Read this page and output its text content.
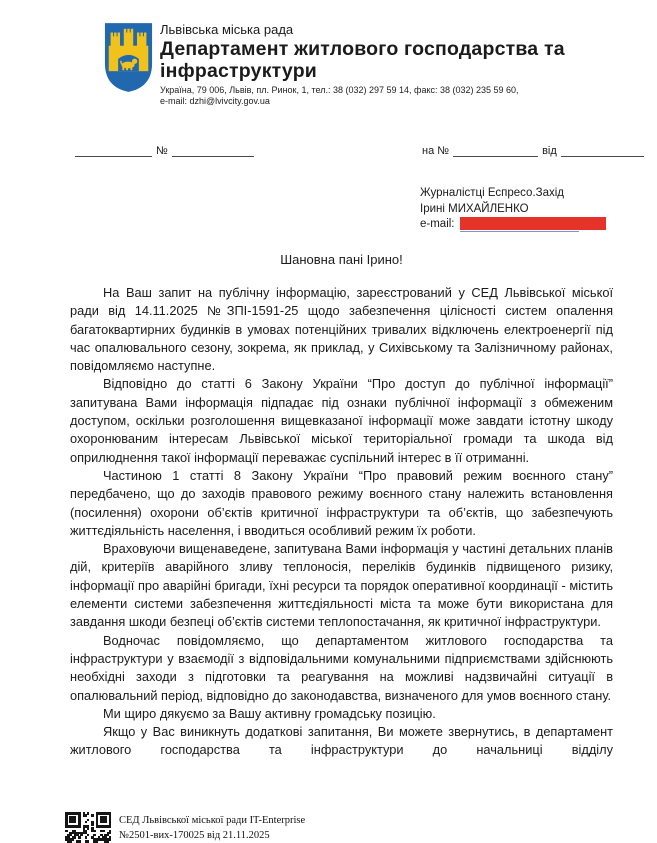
Львівська міська рада
Департамент житлового господарства та
інфраструктури
Україна, 79 006, Львів, пл. Ринок, 1, тел.: 38 (032) 297 59 14, факс: 38 (032) 235 59 60,
e-mail: dzhi@lvivcity.gov.ua
№	на №	від
Журналістці Еспресо.Захід
Ірині МИХАЙЛЕНКО
e-mail:
Шановна пані Ірино!

На Ваш запит на публічну інформацію, зареєстрований у СЕД Львівської міської ради від 14.11.2025 №ЗПІ-1591-25 щодо забезпечення цілісності систем опалення багатоквартирних будинків в умовах потенційних тривалих відключень електроенергії під час опалювального сезону, зокрема, як приклад, у Сихівському та Залізничному районах, повідомляємо наступне.

Відповідно до статті 6 Закону України “Про доступ до публічної інформації” запитувана Вами інформація підпадає під ознаки публічної інформації з обмеженим доступом, оскільки розголошення вищевказаної інформації може завдати істотну шкоду охоронюваним інтересам Львівської міської територіальної громади та шкода від оприлюднення такої інформації переважає суспільний інтерес в її отриманні.

Частиною 1 статті 8 Закону України “Про правовий режим воєнного стану” передбачено, що до заходів правового режиму воєнного стану належить встановлення (посилення) охорони об’єктів критичної інфраструктури та об’єктів, що забезпечують життєдіяльність населення, і вводиться особливий режим їх роботи.

Враховуючи вищенаведене, запитувана Вами інформація у частині детальних планів дій, критеріїв аварійного зливу теплоносія, переліків будинків підвищеного ризику, інформації про аварійні бригади, їхні ресурси та порядок оперативної координації - містить елементи системи забезпечення життєдіяльності міста та може бути використана для завдання шкоди безпеці об’єктів системи теплопостачання, як критичної інфраструктури.

Водночас повідомляємо, що департаментом житлового господарства та інфраструктури у взаємодії з відповідальними комунальними підприємствами здійснюють необхідні заходи з підготовки та реагування на можливі надзвичайні ситуації в опалювальний період, відповідно до законодавства, визначеного для умов воєнного стану.

Ми щиро дякуємо за Вашу активну громадську позицію.

Якщо у Вас виникнуть додаткові запитання, Ви можете звернутись, в департамент житлового господарства та інфраструктури до начальниці відділу

СЕД Львівської міської ради IT-Enterprise
№2501-вих-170025 від 21.11.2025
